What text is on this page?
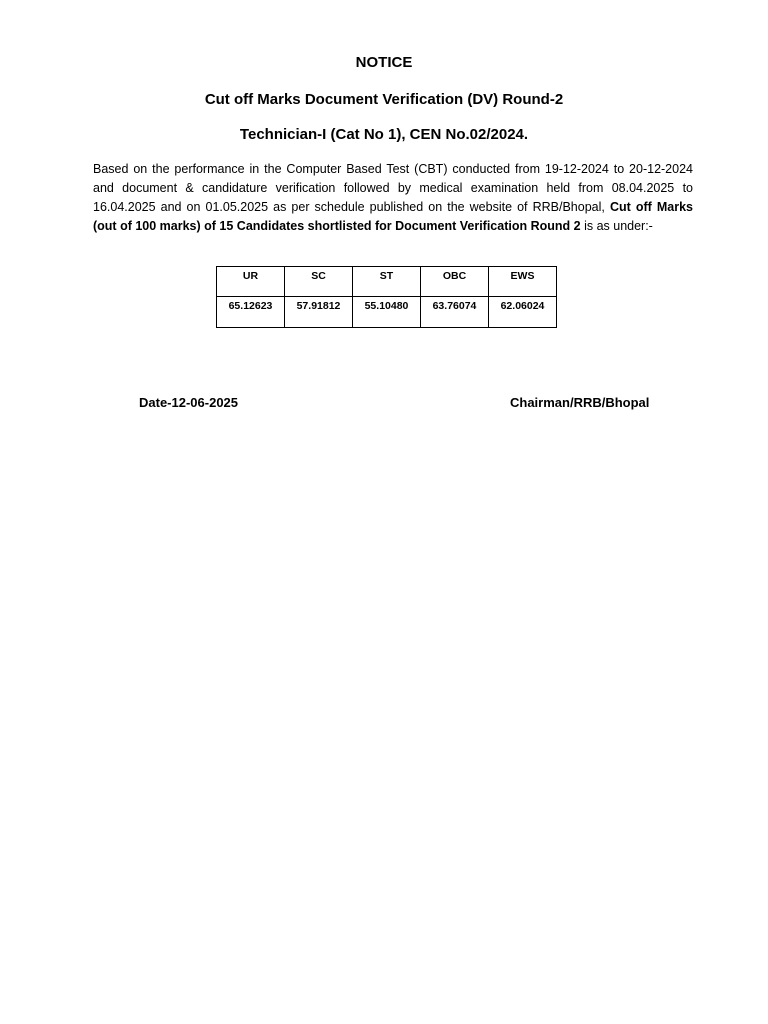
NOTICE
Cut off Marks Document Verification (DV) Round-2
Technician-I (Cat No 1), CEN No.02/2024.
Based on the performance in the Computer Based Test (CBT) conducted from 19-12-2024 to 20-12-2024 and document & candidature verification followed by medical examination held from 08.04.2025 to 16.04.2025 and on 01.05.2025 as per schedule published on the website of RRB/Bhopal, Cut off Marks (out of 100 marks) of 15 Candidates shortlisted for Document Verification Round 2 is as under:-
UR	SC	ST	OBC	EWS
65.12623	57.91812	55.10480	63.76074	62.06024
Date-12-06-2025	Chairman/RRB/Bhopal
